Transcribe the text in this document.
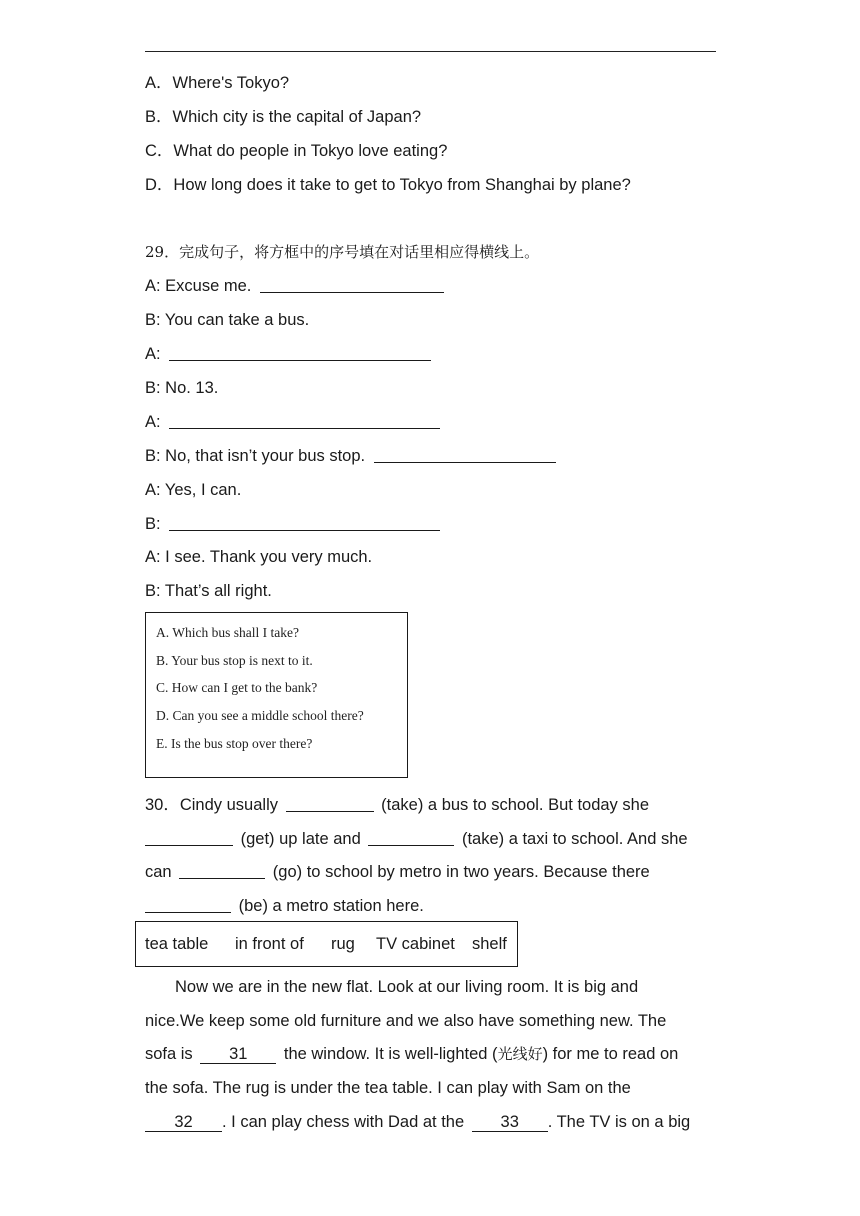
A．Where's Tokyo?
B．Which city is the capital of Japan?
C．What do people in Tokyo love eating?
D．How long does it take to get to Tokyo from Shanghai by plane?
29．完成句子，将方框中的序号填在对话里相应得横线上。
A: Excuse me.
B: You can take a bus.
A:
B: No. 13.
A:
B: No, that isn’t your bus stop.
A: Yes, I can.
B:
A: I see. Thank you very much.
B: That’s all right.
A. Which bus shall I take?
B. Your bus stop is next to it.
C. How can I get to the bank?
D. Can you see a middle school there?
E. Is the bus stop over there?
30．Cindy usually	(take) a bus to school. But today she
(get) up late and	(take) a taxi to school. And she
can	(go) to school by metro in two years. Because there
(be) a metro station here.
tea table in front of rug TV cabinet shelf
Now we are in the new flat. Look at our living room. It is big and
nice.We keep some old furniture and we also have something new. The
sofa is 31 the window. It is well-lighted (光线好) for me to read on
the sofa. The rug is under the tea table. I can play with Sam on the
32 . I can play chess with Dad at the 33 . The TV is on a big
